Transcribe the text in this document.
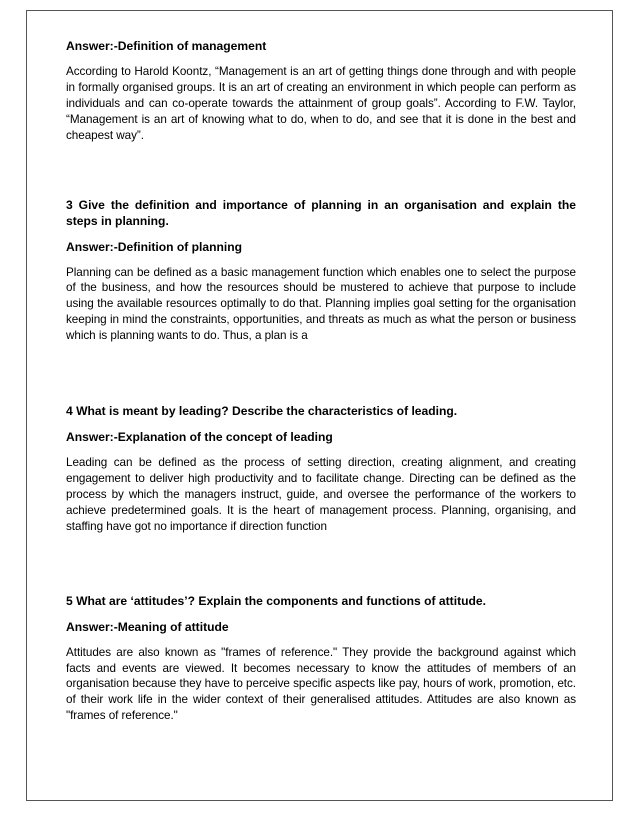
Answer:-Definition of management

According to Harold Koontz, “Management is an art of getting things done through and with people in formally organised groups. It is an art of creating an environment in which people can perform as individuals and can co-operate towards the attainment of group goals”. According to F.W. Taylor, “Management is an art of knowing what to do, when to do, and see that it is done in the best and cheapest way”.

3 Give the definition and importance of planning in an organisation and explain the steps in planning.

Answer:-Definition of planning

Planning can be defined as a basic management function which enables one to select the purpose of the business, and how the resources should be mustered to achieve that purpose to include using the available resources optimally to do that. Planning implies goal setting for the organisation keeping in mind the constraints, opportunities, and threats as much as what the person or business which is planning wants to do. Thus, a plan is a

4 What is meant by leading? Describe the characteristics of leading.

Answer:-Explanation of the concept of leading

Leading can be defined as the process of setting direction, creating alignment, and creating engagement to deliver high productivity and to facilitate change. Directing can be defined as the process by which the managers instruct, guide, and oversee the performance of the workers to achieve predetermined goals. It is the heart of management process. Planning, organising, and staffing have got no importance if direction function

5 What are ‘attitudes’? Explain the components and functions of attitude.

Answer:-Meaning of attitude

Attitudes are also known as "frames of reference." They provide the background against which facts and events are viewed. It becomes necessary to know the attitudes of members of an organisation because they have to perceive specific aspects like pay, hours of work, promotion, etc. of their work life in the wider context of their generalised attitudes. Attitudes are also known as "frames of reference."
